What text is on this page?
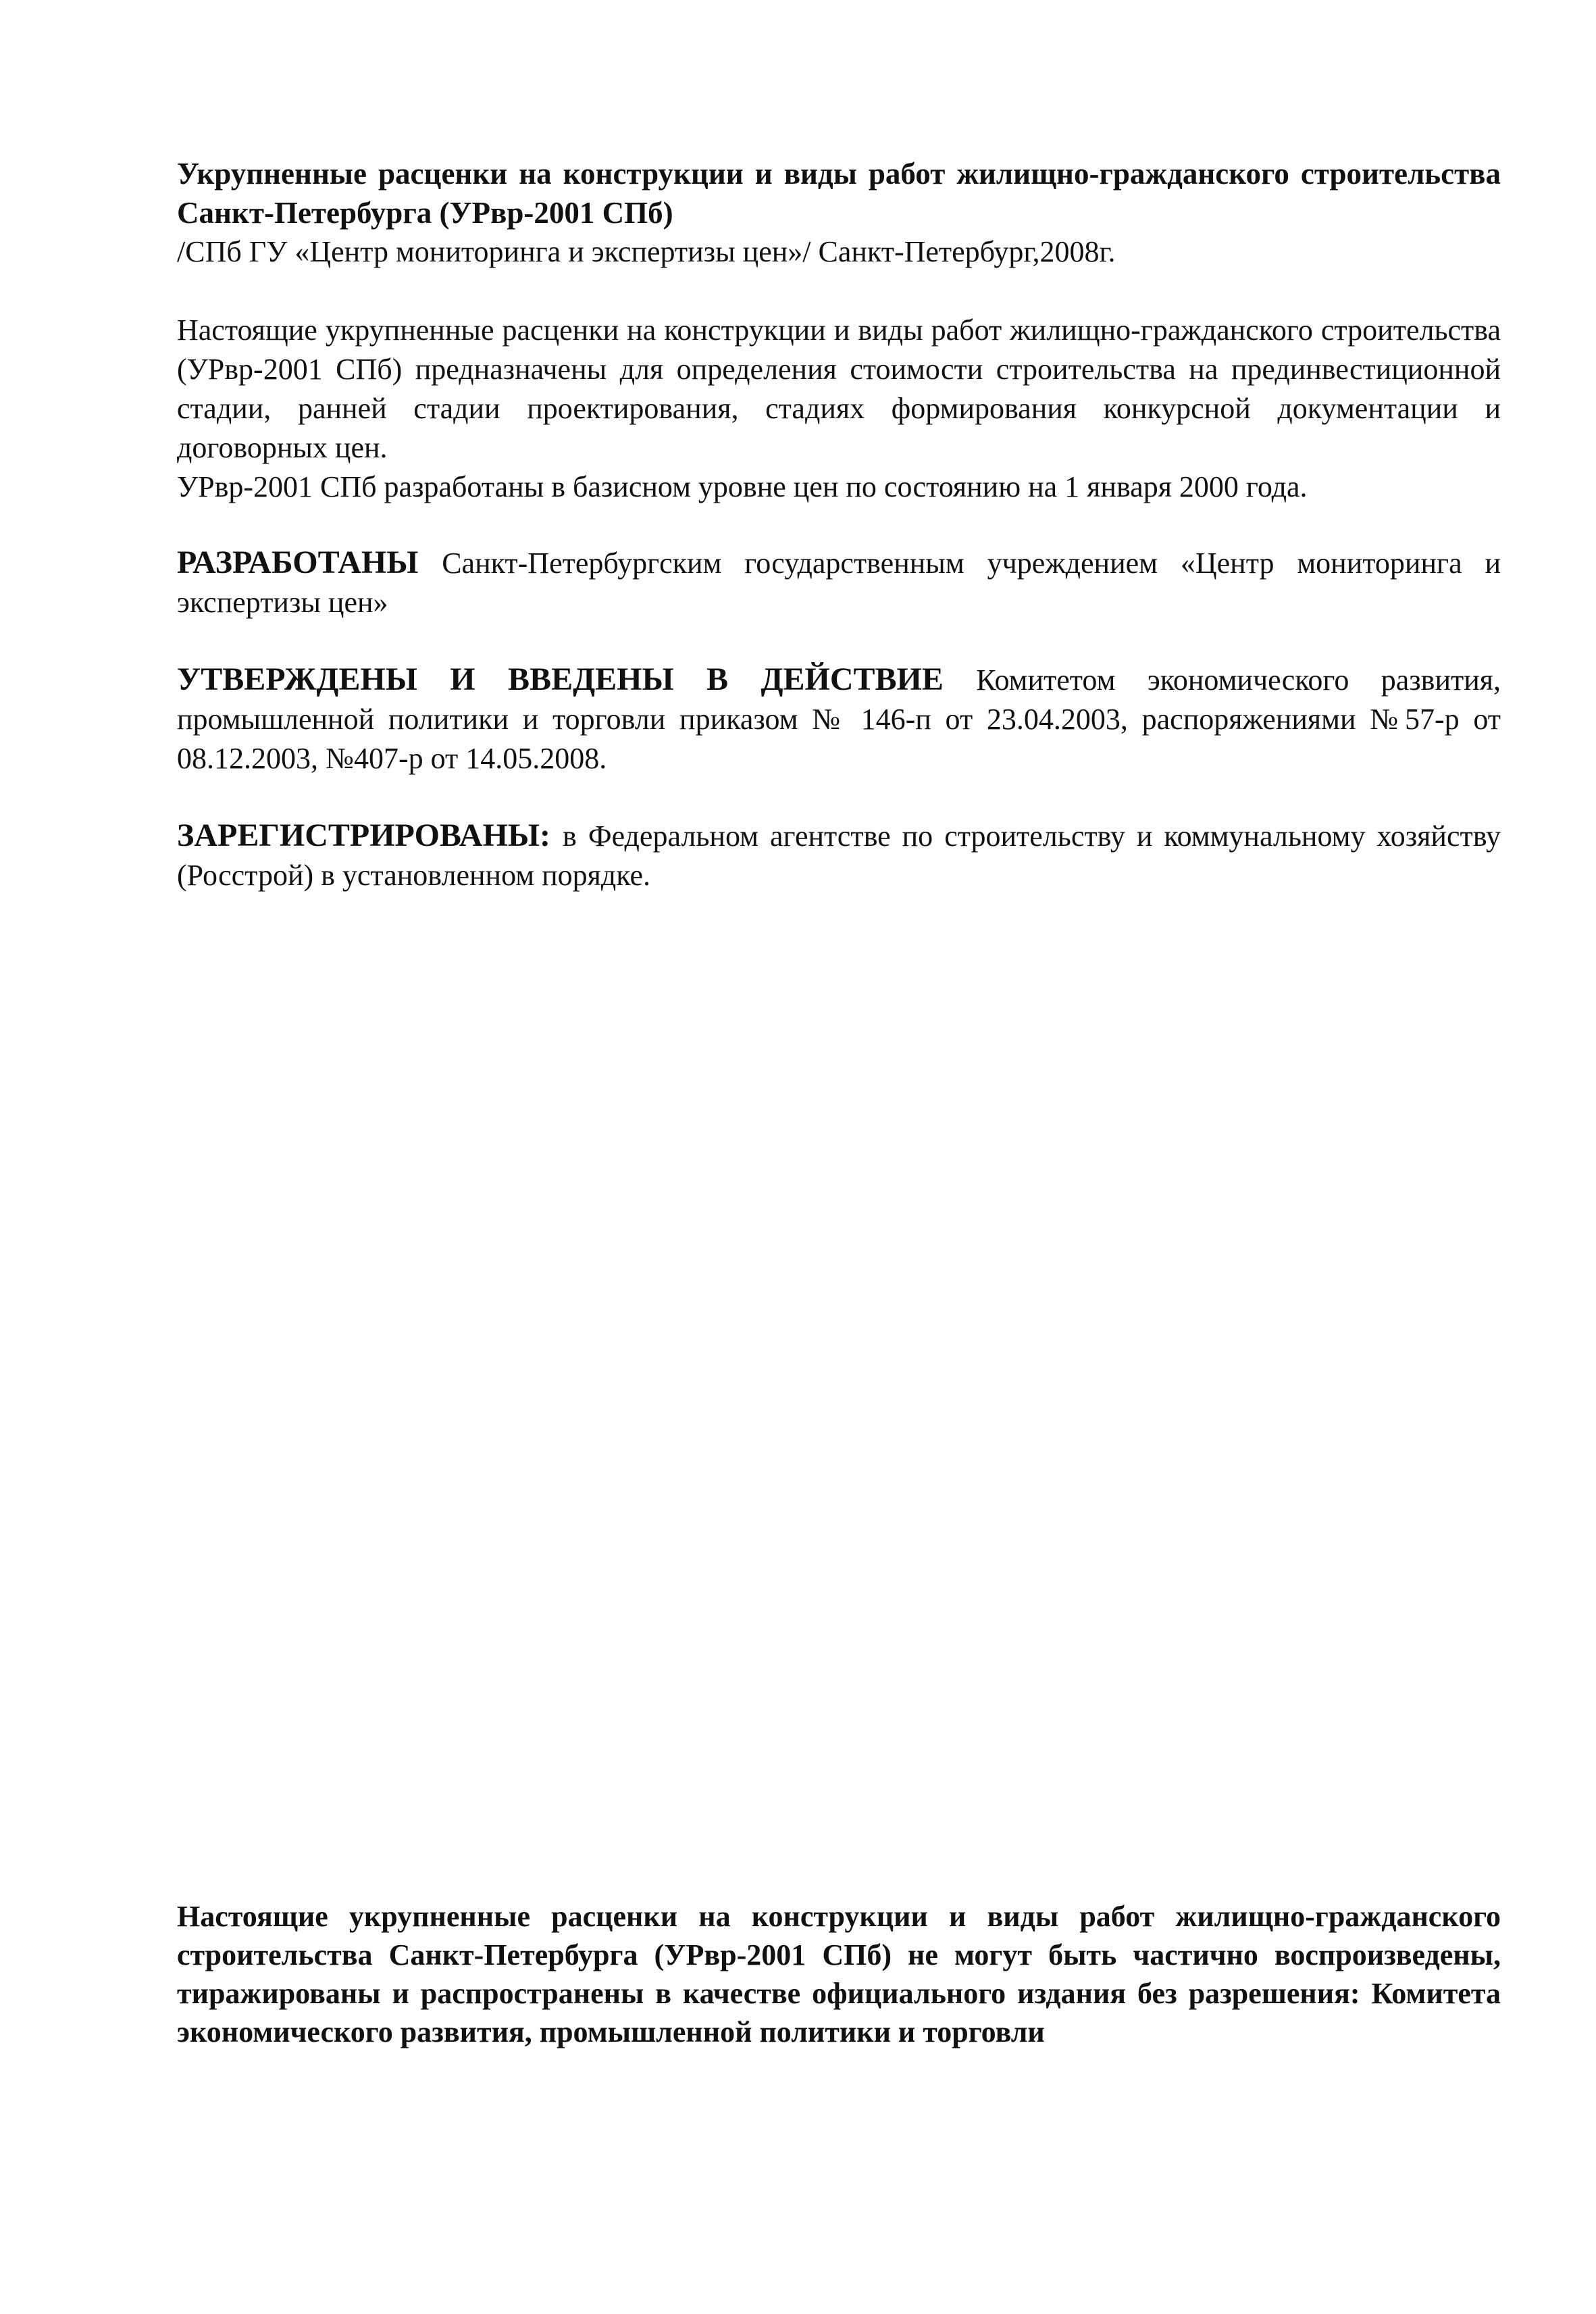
Укрупненные расценки на конструкции и виды работ жилищно-гражданского строительства Санкт-Петербурга (УРвр-2001 СПб)

/СПб ГУ «Центр мониторинга и экспертизы цен»/ Санкт-Петербург,2008г.

Настоящие укрупненные расценки на конструкции и виды работ жилищно-гражданского строительства (УРвр-2001 СПб) предназначены для определения стоимости строительства на прединвестиционной стадии, ранней стадии проектирования, стадиях формирования конкурсной документации и договорных цен.

УРвр-2001 СПб разработаны в базисном уровне цен по состоянию на 1 января 2000 года.

РАЗРАБОТАНЫ Санкт-Петербургским государственным учреждением «Центр мониторинга и экспертизы цен»

УТВЕРЖДЕНЫ И ВВЕДЕНЫ В ДЕЙСТВИЕ Комитетом экономического развития, промышленной политики и торговли приказом № 146-п от 23.04.2003, распоряжениями №57-р от 08.12.2003, №407-р от 14.05.2008.

ЗАРЕГИСТРИРОВАНЫ: в Федеральном агентстве по строительству и коммунальному хозяйству (Росстрой) в установленном порядке.

Настоящие укрупненные расценки на конструкции и виды работ жилищно-гражданского строительства Санкт-Петербурга (УРвр-2001 СПб) не могут быть частично воспроизведены, тиражированы и распространены в качестве официального издания без разрешения: Комитета экономического развития, промышленной политики и торговли
